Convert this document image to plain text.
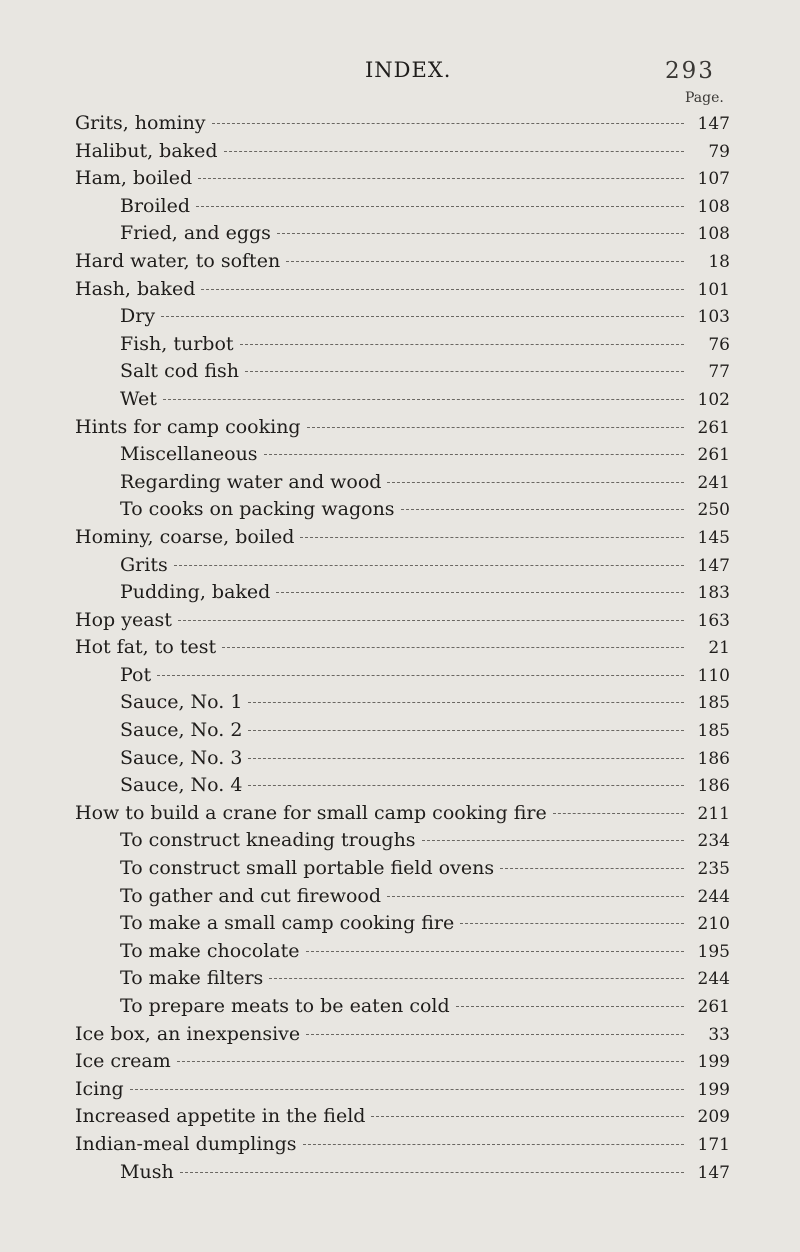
INDEX.	293
Page.
Grits, hominy	147
Halibut, baked	79
Ham, boiled	107
Broiled	108
Fried, and eggs	108
Hard water, to soften	18
Hash, baked	101
Dry	103
Fish, turbot	76
Salt cod fish	77
Wet	102
Hints for camp cooking	261
Miscellaneous	261
Regarding water and wood	241
To cooks on packing wagons	250
Hominy, coarse, boiled	145
Grits	147
Pudding, baked	183
Hop yeast	163
Hot fat, to test	21
Pot	110
Sauce, No. 1	185
Sauce, No. 2	185
Sauce, No. 3	186
Sauce, No. 4	186
How to build a crane for small camp cooking fire	211
To construct kneading troughs	234
To construct small portable field ovens	235
To gather and cut firewood	244
To make a small camp cooking fire	210
To make chocolate	195
To make filters	244
To prepare meats to be eaten cold	261
Ice box, an inexpensive	33
Ice cream	199
Icing	199
Increased appetite in the field	209
Indian-meal dumplings	171
Mush	147
